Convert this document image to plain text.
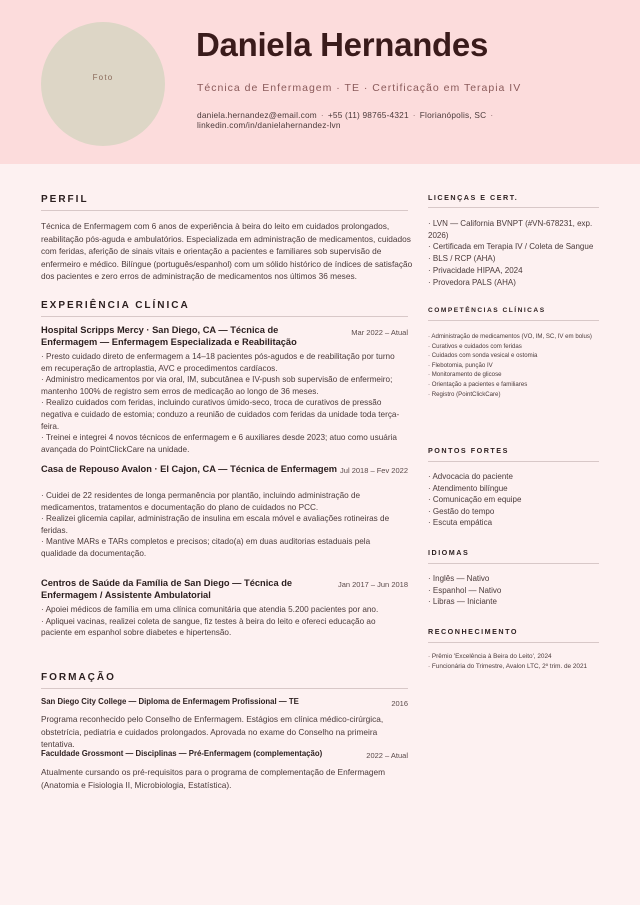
Foto
Daniela Hernandes
Técnica de Enfermagem · TE · Certificação em Terapia IV
daniela.hernandez@email.com · +55 (11) 98765-4321 · Florianópolis, SC ·
linkedin.com/in/danielahernandez-lvn
PERFIL
Técnica de Enfermagem com 6 anos de experiência à beira do leito em cuidados prolongados, reabilitação pós-aguda e ambulatórios. Especializada em administração de medicamentos, cuidados com feridas, aferição de sinais vitais e orientação a pacientes e familiares sob supervisão de enfermeiro e médico. Bilíngue (português/espanhol) com um sólido histórico de índices de satisfação dos pacientes e zero erros de administração de medicamentos nos últimos 36 meses.
EXPERIÊNCIA CLÍNICA
Hospital Scripps Mercy · San Diego, CA — Técnica de Enfermagem — Enfermagem Especializada e Reabilitação
Mar 2022 – Atual
· Presto cuidado direto de enfermagem a 14–18 pacientes pós-agudos e de reabilitação por turno em recuperação de artroplastia, AVC e procedimentos cardíacos.
· Administro medicamentos por via oral, IM, subcutânea e IV-push sob supervisão de enfermeiro; mantenho 100% de registro sem erros de medicação ao longo de 36 meses.
· Realizo cuidados com feridas, incluindo curativos úmido-seco, troca de curativos de pressão negativa e cuidado de estomia; conduzo a reunião de cuidados com feridas da unidade toda terça-feira.
· Treinei e integrei 4 novos técnicos de enfermagem e 6 auxiliares desde 2023; atuo como usuária avançada do PointClickCare na unidade.
Casa de Repouso Avalon · El Cajon, CA — Técnica de Enfermagem Jul 2018 – Fev 2022
· Cuidei de 22 residentes de longa permanência por plantão, incluindo administração de medicamentos, tratamentos e documentação do plano de cuidados no PCC.
· Realizei glicemia capilar, administração de insulina em escala móvel e avaliações rotineiras de feridas.
· Mantive MARs e TARs completos e precisos; citado(a) em duas auditorias estaduais pela qualidade da documentação.
Centros de Saúde da Família de San Diego — Técnica de Enfermagem / Assistente Ambulatorial
Jan 2017 – Jun 2018
· Apoiei médicos de família em uma clínica comunitária que atendia 5.200 pacientes por ano.
· Apliquei vacinas, realizei coleta de sangue, fiz testes à beira do leito e ofereci educação ao paciente em espanhol sobre diabetes e hipertensão.
FORMAÇÃO
San Diego City College — Diploma de Enfermagem Profissional — TE	2016
Programa reconhecido pelo Conselho de Enfermagem. Estágios em clínica médico-cirúrgica, obstetrícia, pediatria e cuidados prolongados. Aprovada no exame do Conselho na primeira tentativa.
Faculdade Grossmont — Disciplinas — Pré-Enfermagem (complementação)	2022 – Atual
Atualmente cursando os pré-requisitos para o programa de complementação de Enfermagem (Anatomia e Fisiologia II, Microbiologia, Estatística).
LICENÇAS E CERT.
· LVN — California BVNPT (#VN-678231, exp. 2026)
· Certificada em Terapia IV / Coleta de Sangue
· BLS / RCP (AHA)
· Privacidade HIPAA, 2024
· Provedora PALS (AHA)
COMPETÊNCIAS CLÍNICAS
· Administração de medicamentos (VO, IM, SC, IV em bolus)
· Curativos e cuidados com feridas
· Cuidados com sonda vesical e ostomia
· Flebotomia, punção IV
· Monitoramento de glicose
· Orientação a pacientes e familiares
· Registro (PointClickCare)
PONTOS FORTES
· Advocacia do paciente
· Atendimento bilíngue
· Comunicação em equipe
· Gestão do tempo
· Escuta empática
IDIOMAS
· Inglês — Nativo
· Espanhol — Nativo
· Libras — Iniciante
RECONHECIMENTO
· Prêmio 'Excelência à Beira do Leito', 2024
· Funcionária do Trimestre, Avalon LTC, 2º trim. de 2021
